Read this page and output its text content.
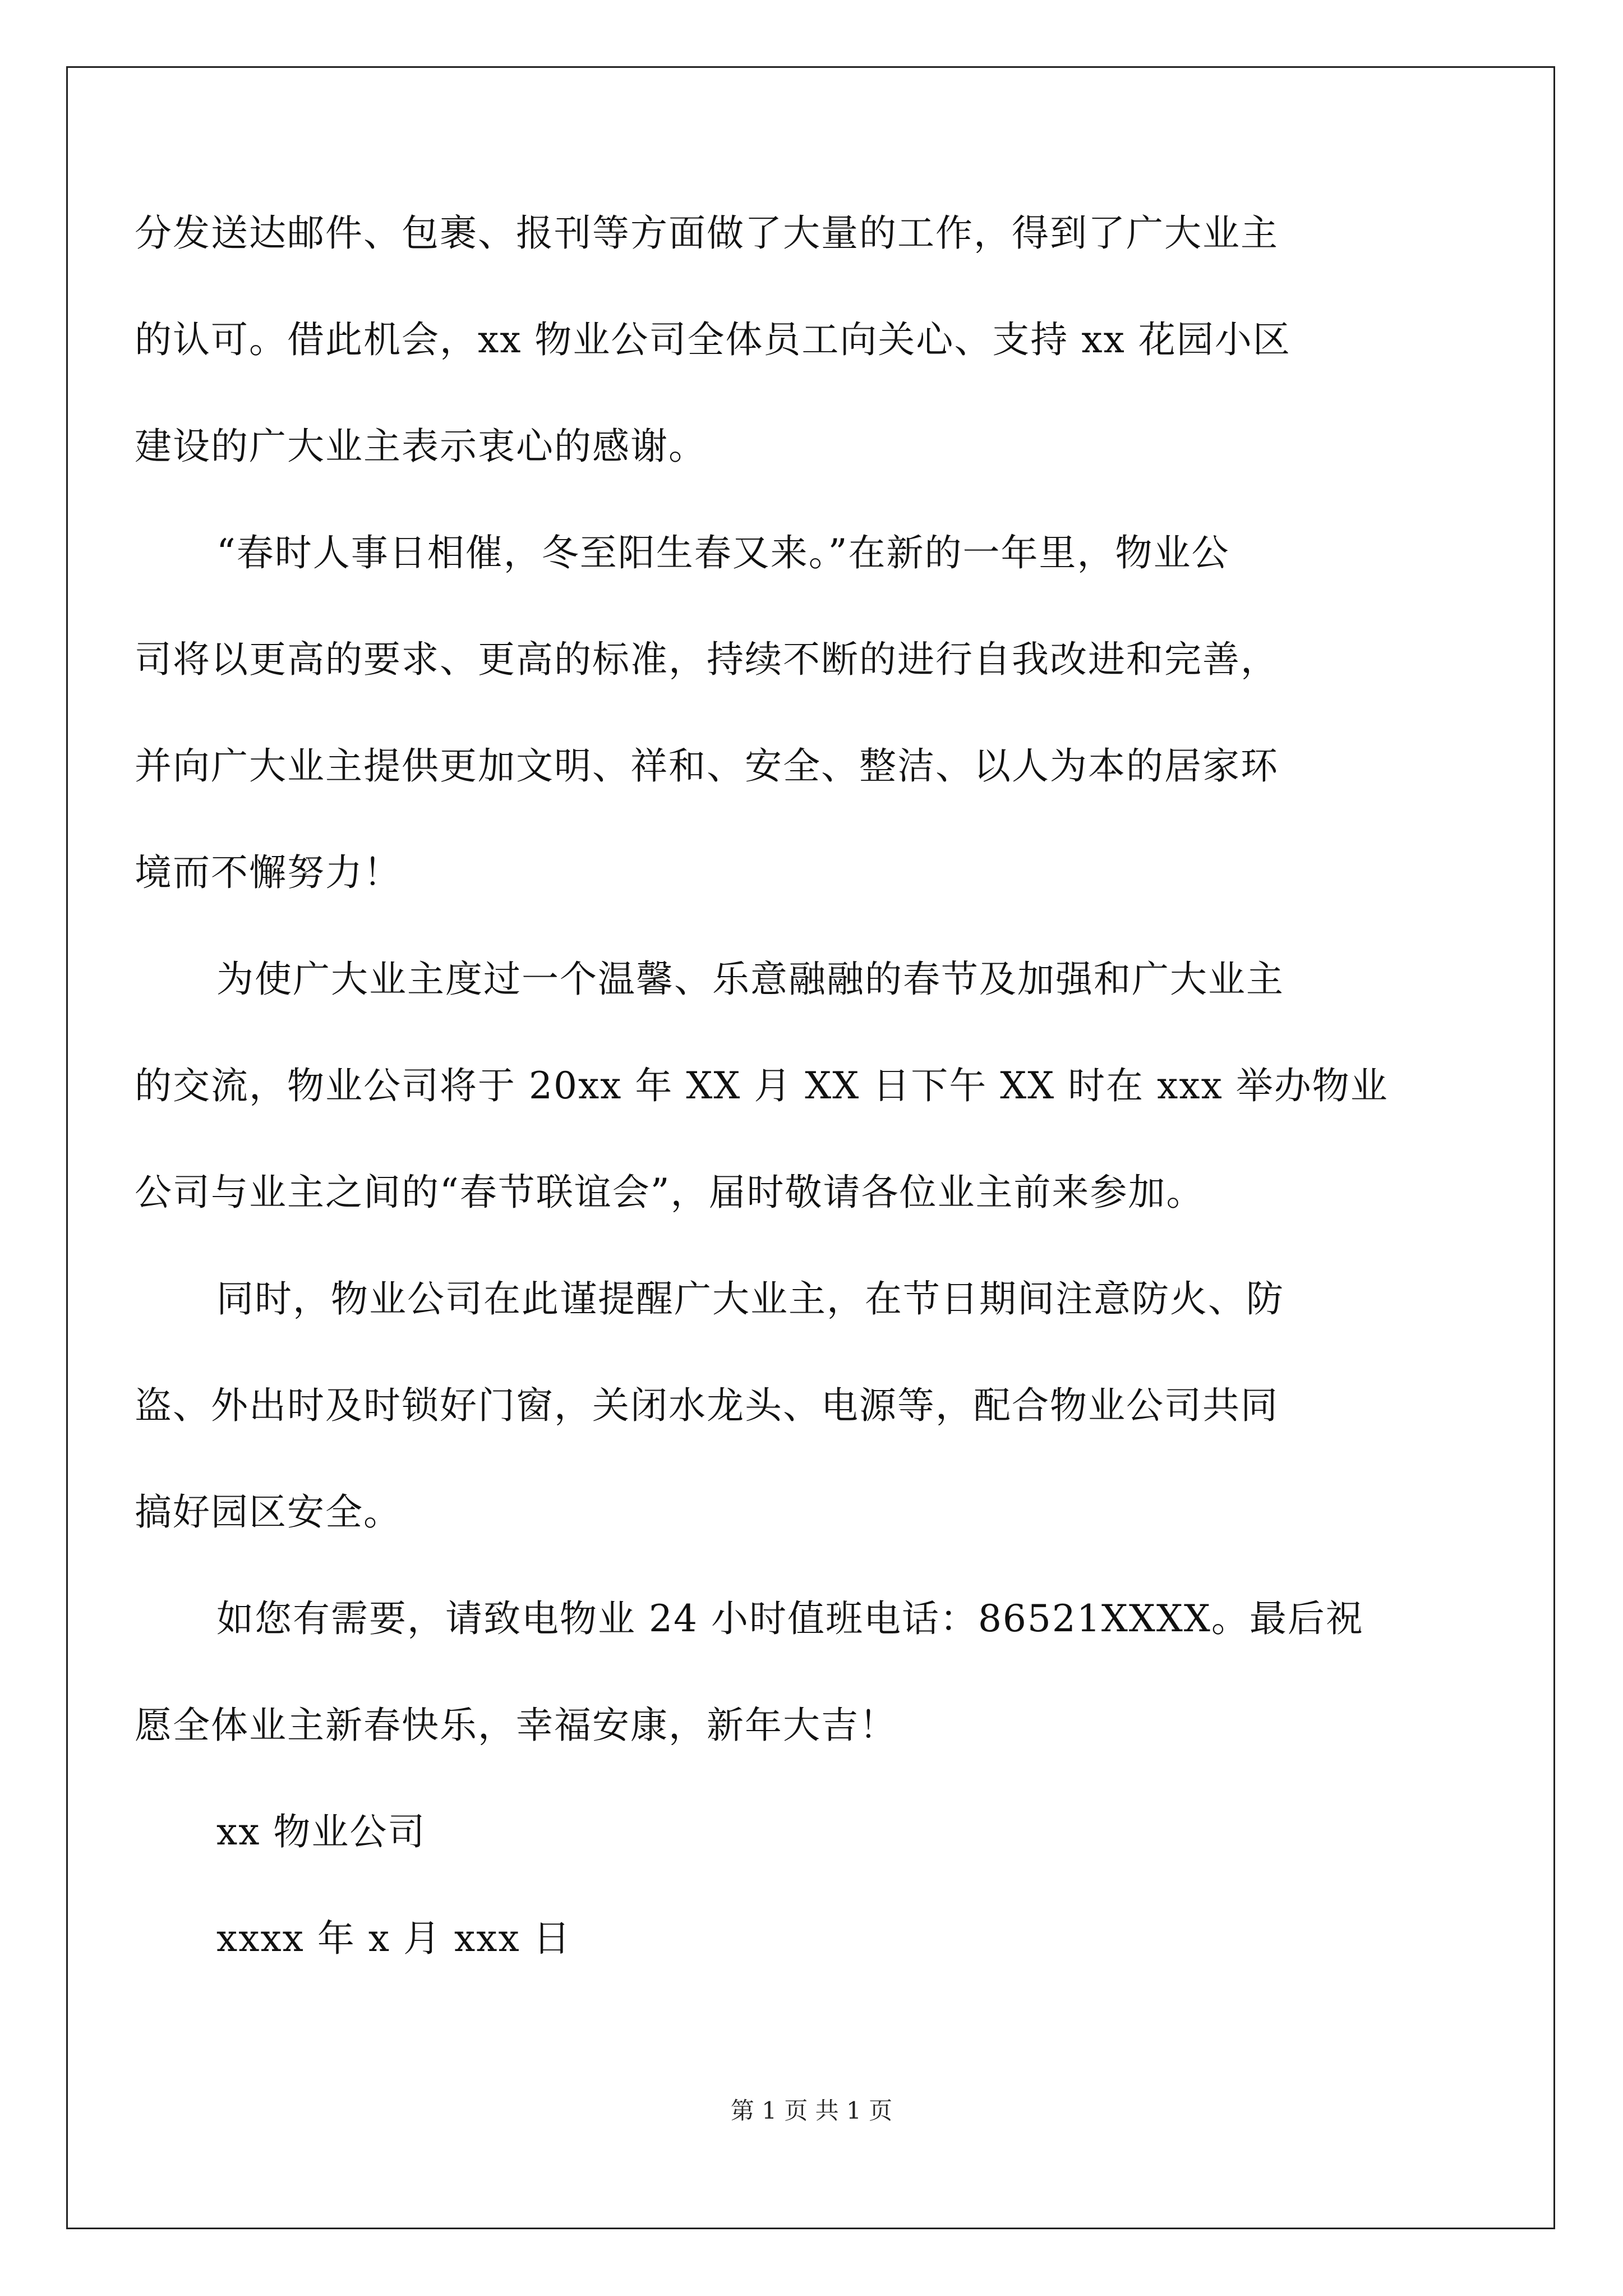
分发送达邮件、包裹、报刊等方面做了大量的工作，得到了广大业主
的认可。借此机会，xx 物业公司全体员工向关心、支持 xx 花园小区
建设的广大业主表示衷心的感谢。
“春时人事日相催，冬至阳生春又来。”在新的一年里，物业公
司将以更高的要求、更高的标准，持续不断的进行自我改进和完善，
并向广大业主提供更加文明、祥和、安全、整洁、以人为本的居家环
境而不懈努力！
为使广大业主度过一个温馨、乐意融融的春节及加强和广大业主
的交流，物业公司将于 20xx 年 XX 月 XX 日下午 XX 时在 xxx 举办物业
公司与业主之间的“春节联谊会”，届时敬请各位业主前来参加。
同时，物业公司在此谨提醒广大业主，在节日期间注意防火、防
盗、外出时及时锁好门窗，关闭水龙头、电源等，配合物业公司共同
搞好园区安全。
如您有需要，请致电物业 24 小时值班电话：86521XXXX。最后祝
愿全体业主新春快乐，幸福安康，新年大吉！
xx 物业公司
xxxx 年 x 月 xxx 日
第 1 页 共 1 页
